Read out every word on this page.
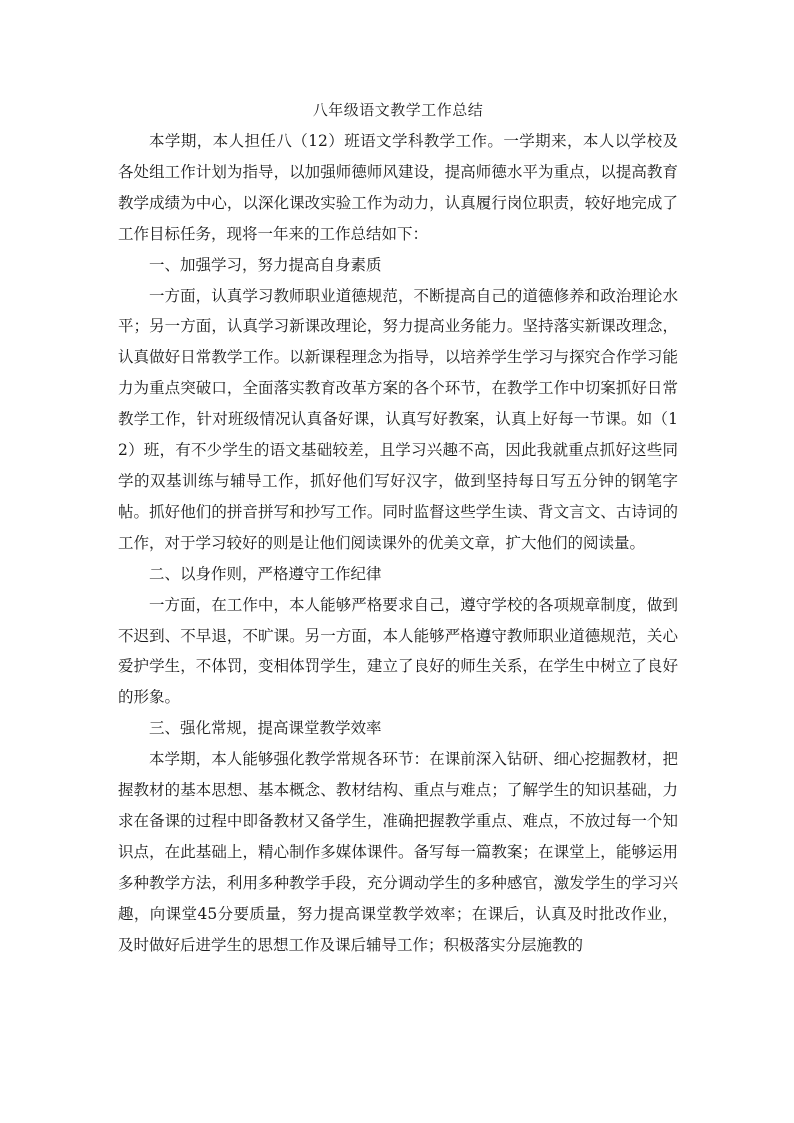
八年级语文教学工作总结

本学期，本人担任八（12）班语文学科教学工作。一学期来，本人以学校及各处组工作计划为指导，以加强师德师风建设，提高师德水平为重点，以提高教育教学成绩为中心，以深化课改实验工作为动力，认真履行岗位职责，较好地完成了工作目标任务，现将一年来的工作总结如下：

一、加强学习，努力提高自身素质

一方面，认真学习教师职业道德规范，不断提高自己的道德修养和政治理论水平；另一方面，认真学习新课改理论，努力提高业务能力。坚持落实新课改理念，认真做好日常教学工作。以新课程理念为指导，以培养学生学习与探究合作学习能力为重点突破口，全面落实教育改革方案的各个环节，在教学工作中切案抓好日常教学工作，针对班级情况认真备好课，认真写好教案，认真上好每一节课。如（12）班，有不少学生的语文基础较差，且学习兴趣不高，因此我就重点抓好这些同学的双基训练与辅导工作，抓好他们写好汉字，做到坚持每日写五分钟的钢笔字帖。抓好他们的拼音拼写和抄写工作。同时监督这些学生读、背文言文、古诗词的工作，对于学习较好的则是让他们阅读课外的优美文章，扩大他们的阅读量。

二、以身作则，严格遵守工作纪律

一方面，在工作中，本人能够严格要求自己，遵守学校的各项规章制度，做到不迟到、不早退，不旷课。另一方面，本人能够严格遵守教师职业道德规范，关心爱护学生，不体罚，变相体罚学生，建立了良好的师生关系，在学生中树立了良好的形象。

三、强化常规，提高课堂教学效率

本学期，本人能够强化教学常规各环节：在课前深入钻研、细心挖掘教材，把握教材的基本思想、基本概念、教材结构、重点与难点；了解学生的知识基础，力求在备课的过程中即备教材又备学生，准确把握教学重点、难点，不放过每一个知识点，在此基础上，精心制作多媒体课件。备写每一篇教案；在课堂上，能够运用多种教学方法，利用多种教学手段，充分调动学生的多种感官，激发学生的学习兴趣，向课堂45分要质量，努力提高课堂教学效率；在课后，认真及时批改作业，及时做好后进学生的思想工作及课后辅导工作；积极落实分层施教的
